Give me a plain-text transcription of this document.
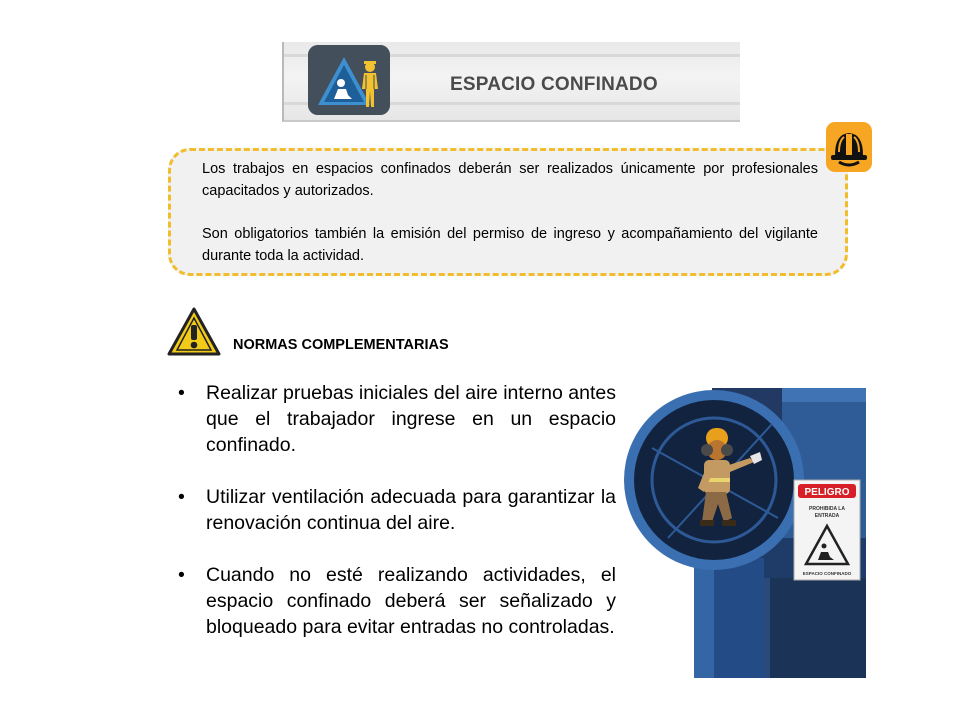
ESPACIO CONFINADO

Los trabajos en espacios confinados deberán ser realizados únicamente por profesionales capacitados y autorizados.

Son obligatorios también la emisión del permiso de ingreso y acompañamiento del vigilante durante toda la actividad.

NORMAS COMPLEMENTARIAS
• Realizar pruebas iniciales del aire interno antes que el trabajador ingrese en un espacio confinado.
• Utilizar ventilación adecuada para garantizar la renovación continua del aire.
• Cuando no esté realizando actividades, el espacio confinado deberá ser señalizado y bloqueado para evitar entradas no controladas.
PELIGRO
PROHIBIDA LA
ENTRADA
ESPACIO CONFINADO
